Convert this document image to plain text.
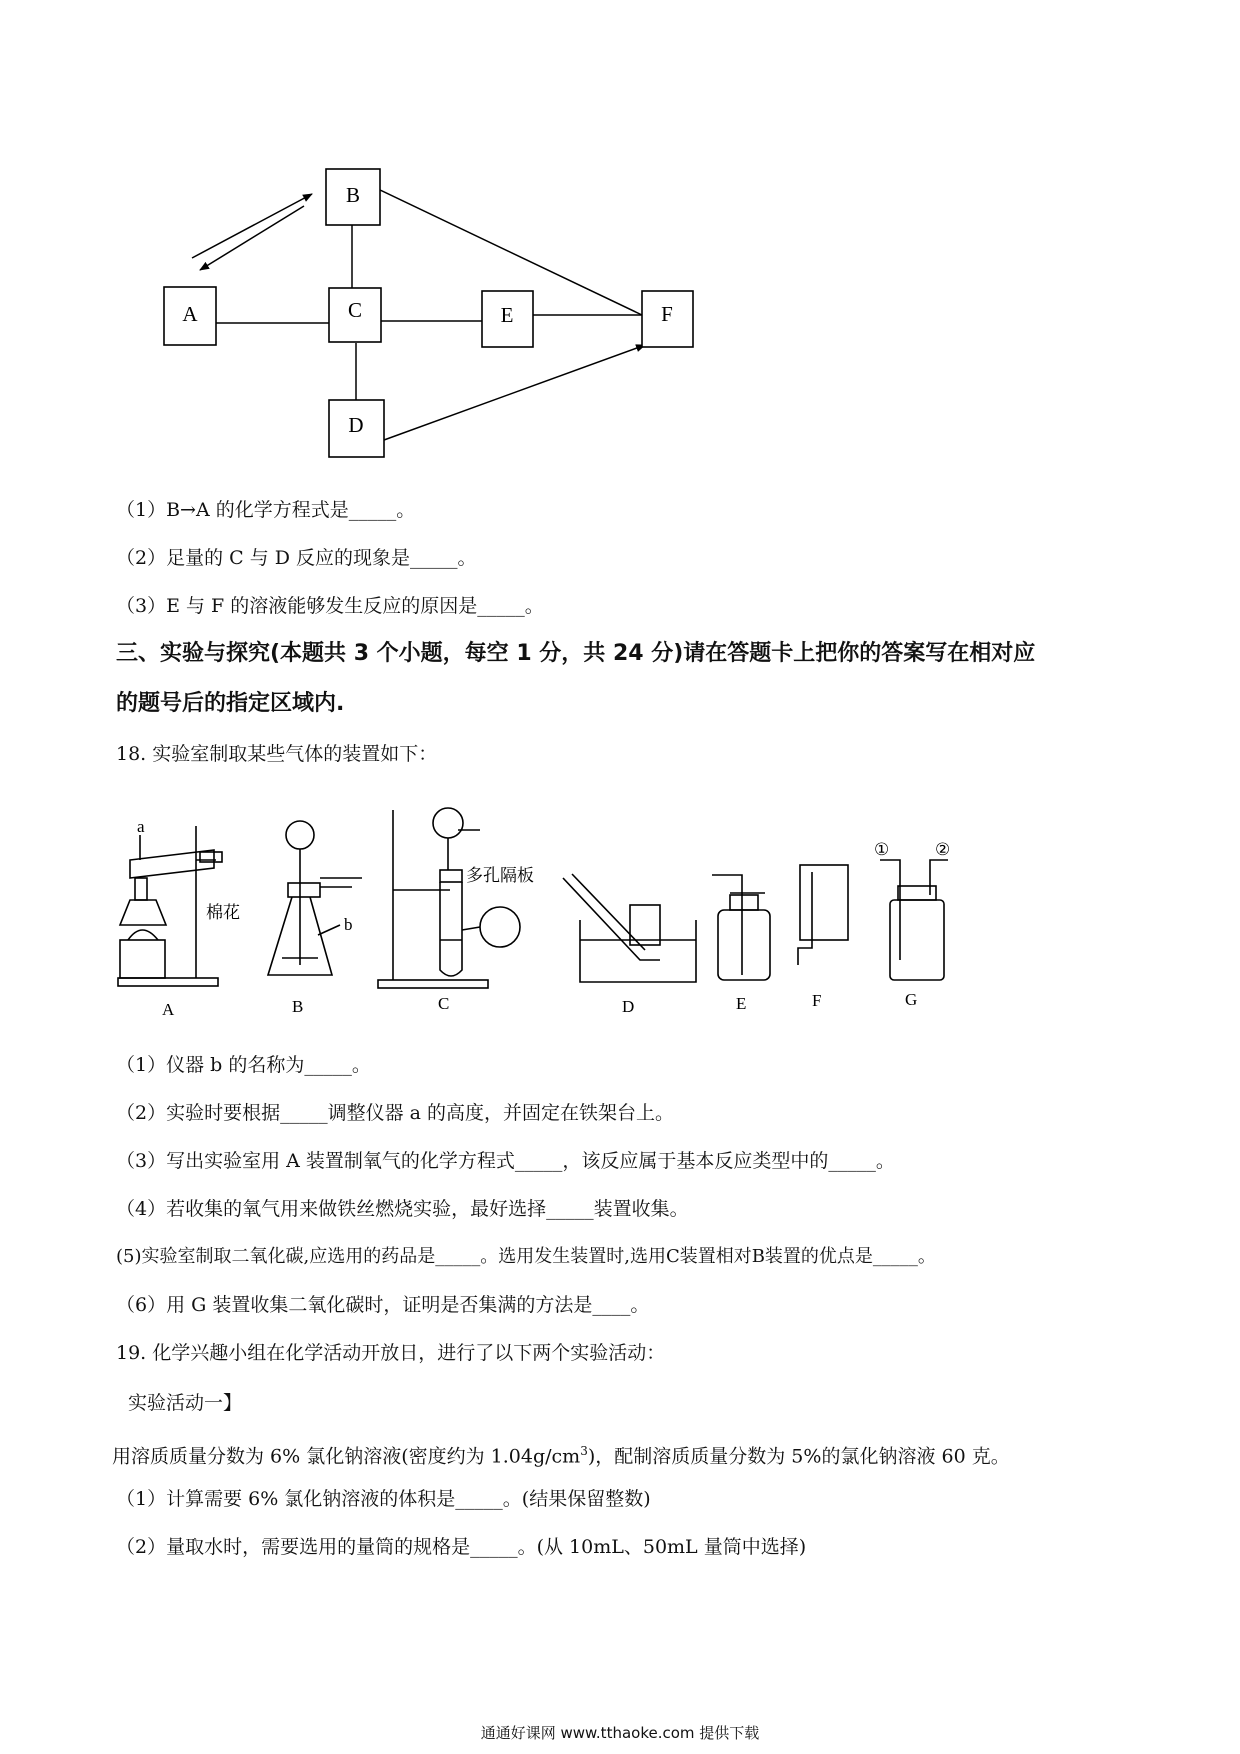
A
B
C	E	F
D
（1）B→A 的化学方程式是_____。
（2）足量的 C 与 D 反应的现象是_____。
（3）E 与 F 的溶液能够发生反应的原因是_____。
三、实验与探究(本题共 3 个小题，每空 1 分，共 24 分)请在答题卡上把你的答案写在相对应
的题号后的指定区域内.
18. 实验室制取某些气体的装置如下：
a
棉花
b
多孔隔板
①	②
A	B	C	D	E	F	G
（1）仪器 b 的名称为_____。
（2）实验时要根据_____调整仪器 a 的高度，并固定在铁架台上。
（3）写出实验室用 A 装置制氧气的化学方程式_____，该反应属于基本反应类型中的_____。
（4）若收集的氧气用来做铁丝燃烧实验，最好选择_____装置收集。
(5)实验室制取二氧化碳,应选用的药品是_____。选用发生装置时,选用C装置相对B装置的优点是_____。
（6）用 G 装置收集二氧化碳时，证明是否集满的方法是____。
19. 化学兴趣小组在化学活动开放日，进行了以下两个实验活动：
实验活动一】
用溶质质量分数为 6% 氯化钠溶液(密度约为 $1.04g/cm^3$)，配制溶质质量分数为 5%的氯化钠溶液 60 克。
（1）计算需要 6% 氯化钠溶液的体积是_____。(结果保留整数)
（2）量取水时，需要选用的量筒的规格是_____。(从 10mL、50mL 量筒中选择)
通通好课网 www.tthaoke.com 提供下载
